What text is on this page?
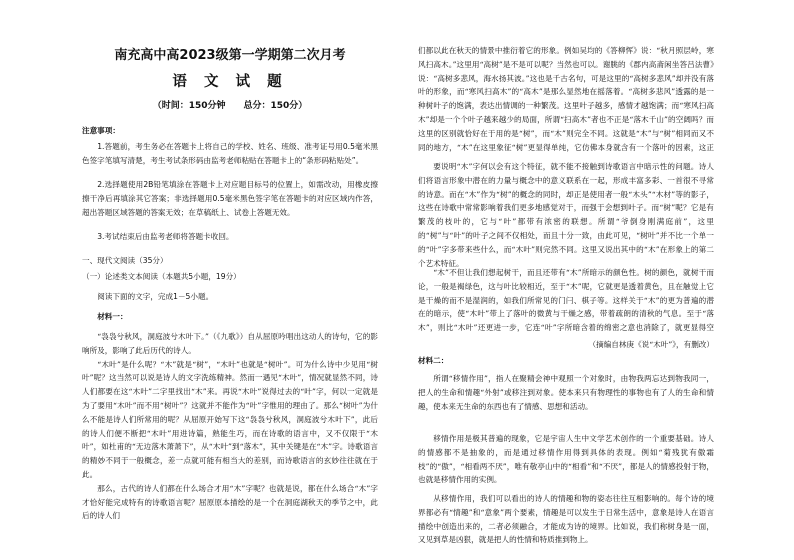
南充高中高2023级第一学期第二次月考
语 文 试 题
（时间：150分钟　　总分：150分）
注意事项：

1.答题前，考生务必在答题卡上将自己的学校、姓名、班级、准考证号用0.5毫米黑色签字笔填写清楚，考生考试条形码由监考老师粘贴在答题卡上的“条形码粘贴处”。

2.选择题使用2B铅笔填涂在答题卡上对应题目标号的位置上，如需改动，用橡皮擦擦干净后再填涂其它答案；非选择题用0.5毫米黑色签字笔在答题卡的对应区域内作答，超出答题区域答题的答案无效；在草稿纸上、试卷上答题无效。

3.考试结束后由监考老师将答题卡收回。

一、现代文阅读（35分）
（一）论述类文本阅读（本题共5小题，19分）
阅读下面的文字，完成1－5小题。
材料一：

“袅袅兮秋风，洞庭波兮木叶下。”（《九歌》）自从屈原吟唱出这动人的诗句，它的影响所及，影响了此后历代的诗人。

“木叶”是什么呢？“木”就是“树”，“木叶”也就是“树叶”。可为什么诗中少见用“树叶”呢？这当然可以说是诗人的文字洗练精神。然而一遇见“木叶”，情况就显然不同，诗人们都要在这“木叶”二字里找出“木”来。再说“木叶”说得过去的“叶”字，何以一定就是为了要用“木叶”而不用“树叶”？这就并不能作为“叶”字惟用的理由了。那么“树叶”为什么不能是诗人们所常用的呢？从屈原开始写下这“袅袅兮秋风，洞庭波兮木叶下”，此后的诗人们便不断把“木叶”用进诗篇，熟能生巧，而在诗歌的语言中，又不仅限于“木叶”，如杜甫的“无边落木萧萧下”，从“木叶”到“落木”，其中关键是在“木”字。诗歌语言的精妙不同于一般概念，差一点就可能有相当大的差别，而诗歌语言的玄妙往往就在于此。

那么，古代的诗人们都在什么场合才用“木”字呢？也就是说，都在什么场合“木”字才恰好能完成特有的诗歌语言呢？屈原原本描绘的是一个在洞庭湖秋天的季节之中，此后的诗人们

们都以此在秋天的情景中推衍着它的形象。例如吴均的《答柳恽》说：“秋月照层岭，寒风扫高木。”这里用“高树”是不是可以呢？当然也可以。谢朓的《郡内高斋闲坐答吕法曹》说：“高树多悲风，海水扬其波。”这也是千古名句，可是这里的“高树多悲风”却并没有落叶的形象，而“寒风扫高木”的“高木”是那么显然地在摇落着。“高树多悲风”透露的是一种树叶子的饱满，表达出情调的一种繁茂。这里叶子越多，感情才越饱满；而“寒风扫高木”却是一个个叶子越来越少的局面，所谓“扫高木”者也不正是“落木千山”的空阔吗？而这里的区别就恰好在于用的是“树”，而“木”则完全不同。这就是“木”与“树”相同而又不同的地方，“木”在这里象征“树”更显得单纯，它仿佛本身就含有一个落叶的因素，这正

要说明“木”字何以会有这个特征，就不能不接触到诗歌语言中暗示性的问题。诗人们将语言形象中潜在的力量与概念中的意义联系在一起，形成丰富多彩、一首很不寻常的诗意。而在“木”作为“树”的概念的同时，却正是使用者一般“木头”“木材”等的影子，这些在诗歌中常常影响着我们更多地感觉对于，而强于会想到叶子。而“树”呢？它是有繁茂的枝叶的，它与“叶”都带有浓密的联想。所谓“爷倒身刚满庭前”，这里的“树”与“叶”的叶子之间不仅相处，而且十分一致，由此可见，“树叶”并不比一个单一的“叶”字多带来些什么，而“木叶”则完然不同。这里又说出其中的“木”在形象上的第二个艺术特征。

“木”不但让我们想起树干，而且还带有“木”所暗示的颜色性。树的颜色，就树干而论，一般是褐绿色，这与叶比较相近，至于“木”呢，它就更是透着黄色，且在触觉上它是干燥的而不是湿润的，如我们所常见的门闩、棋子等。这样关于“木”的更为普遍的潜在的暗示，使“木叶”带上了落叶的微黄与干燥之感，带着疏朗的清秋的气息。至于“落木”，则比“木叶”还更进一步，它连“叶”字所暗含着的绵密之意也消除了，就更显得空

（摘编自林庚《说“木叶”》，有删改）
材料二：

所谓“移情作用”，指人在聚精会神中观照一个对象时，由物我两忘达到物我同一，把人的生命和情趣“外射”或移注到对象。使本来只有物理性的事物也有了人的生命和情趣，使本来无生命的东西也有了情感、思想和活动。

移情作用是极其普遍的现象，它是宇宙人生中文学艺术创作的一个重要基础。诗人的情感都不是抽象的，而是通过移情作用得到具体的表现。例如“菊残犹有傲霜枝”的“傲”，“相看两不厌”，唯有敬亭山中的“相看”和“不厌”，都是人的情感投射于物，也就是移情作用的实例。

从移情作用，我们可以看出的诗人的情趣和物的姿态往往互相影响的。每个诗的境界都必有“情趣”和“意象”两个要素，情趣是可以发生于日常生活中，意象是诗人在语言描绘中创造出来的，二者必须融合，才能成为诗的境界。比如说，我们称树身是一面，又见到草是凶狠，就是把人的性情和特质推到物上。
